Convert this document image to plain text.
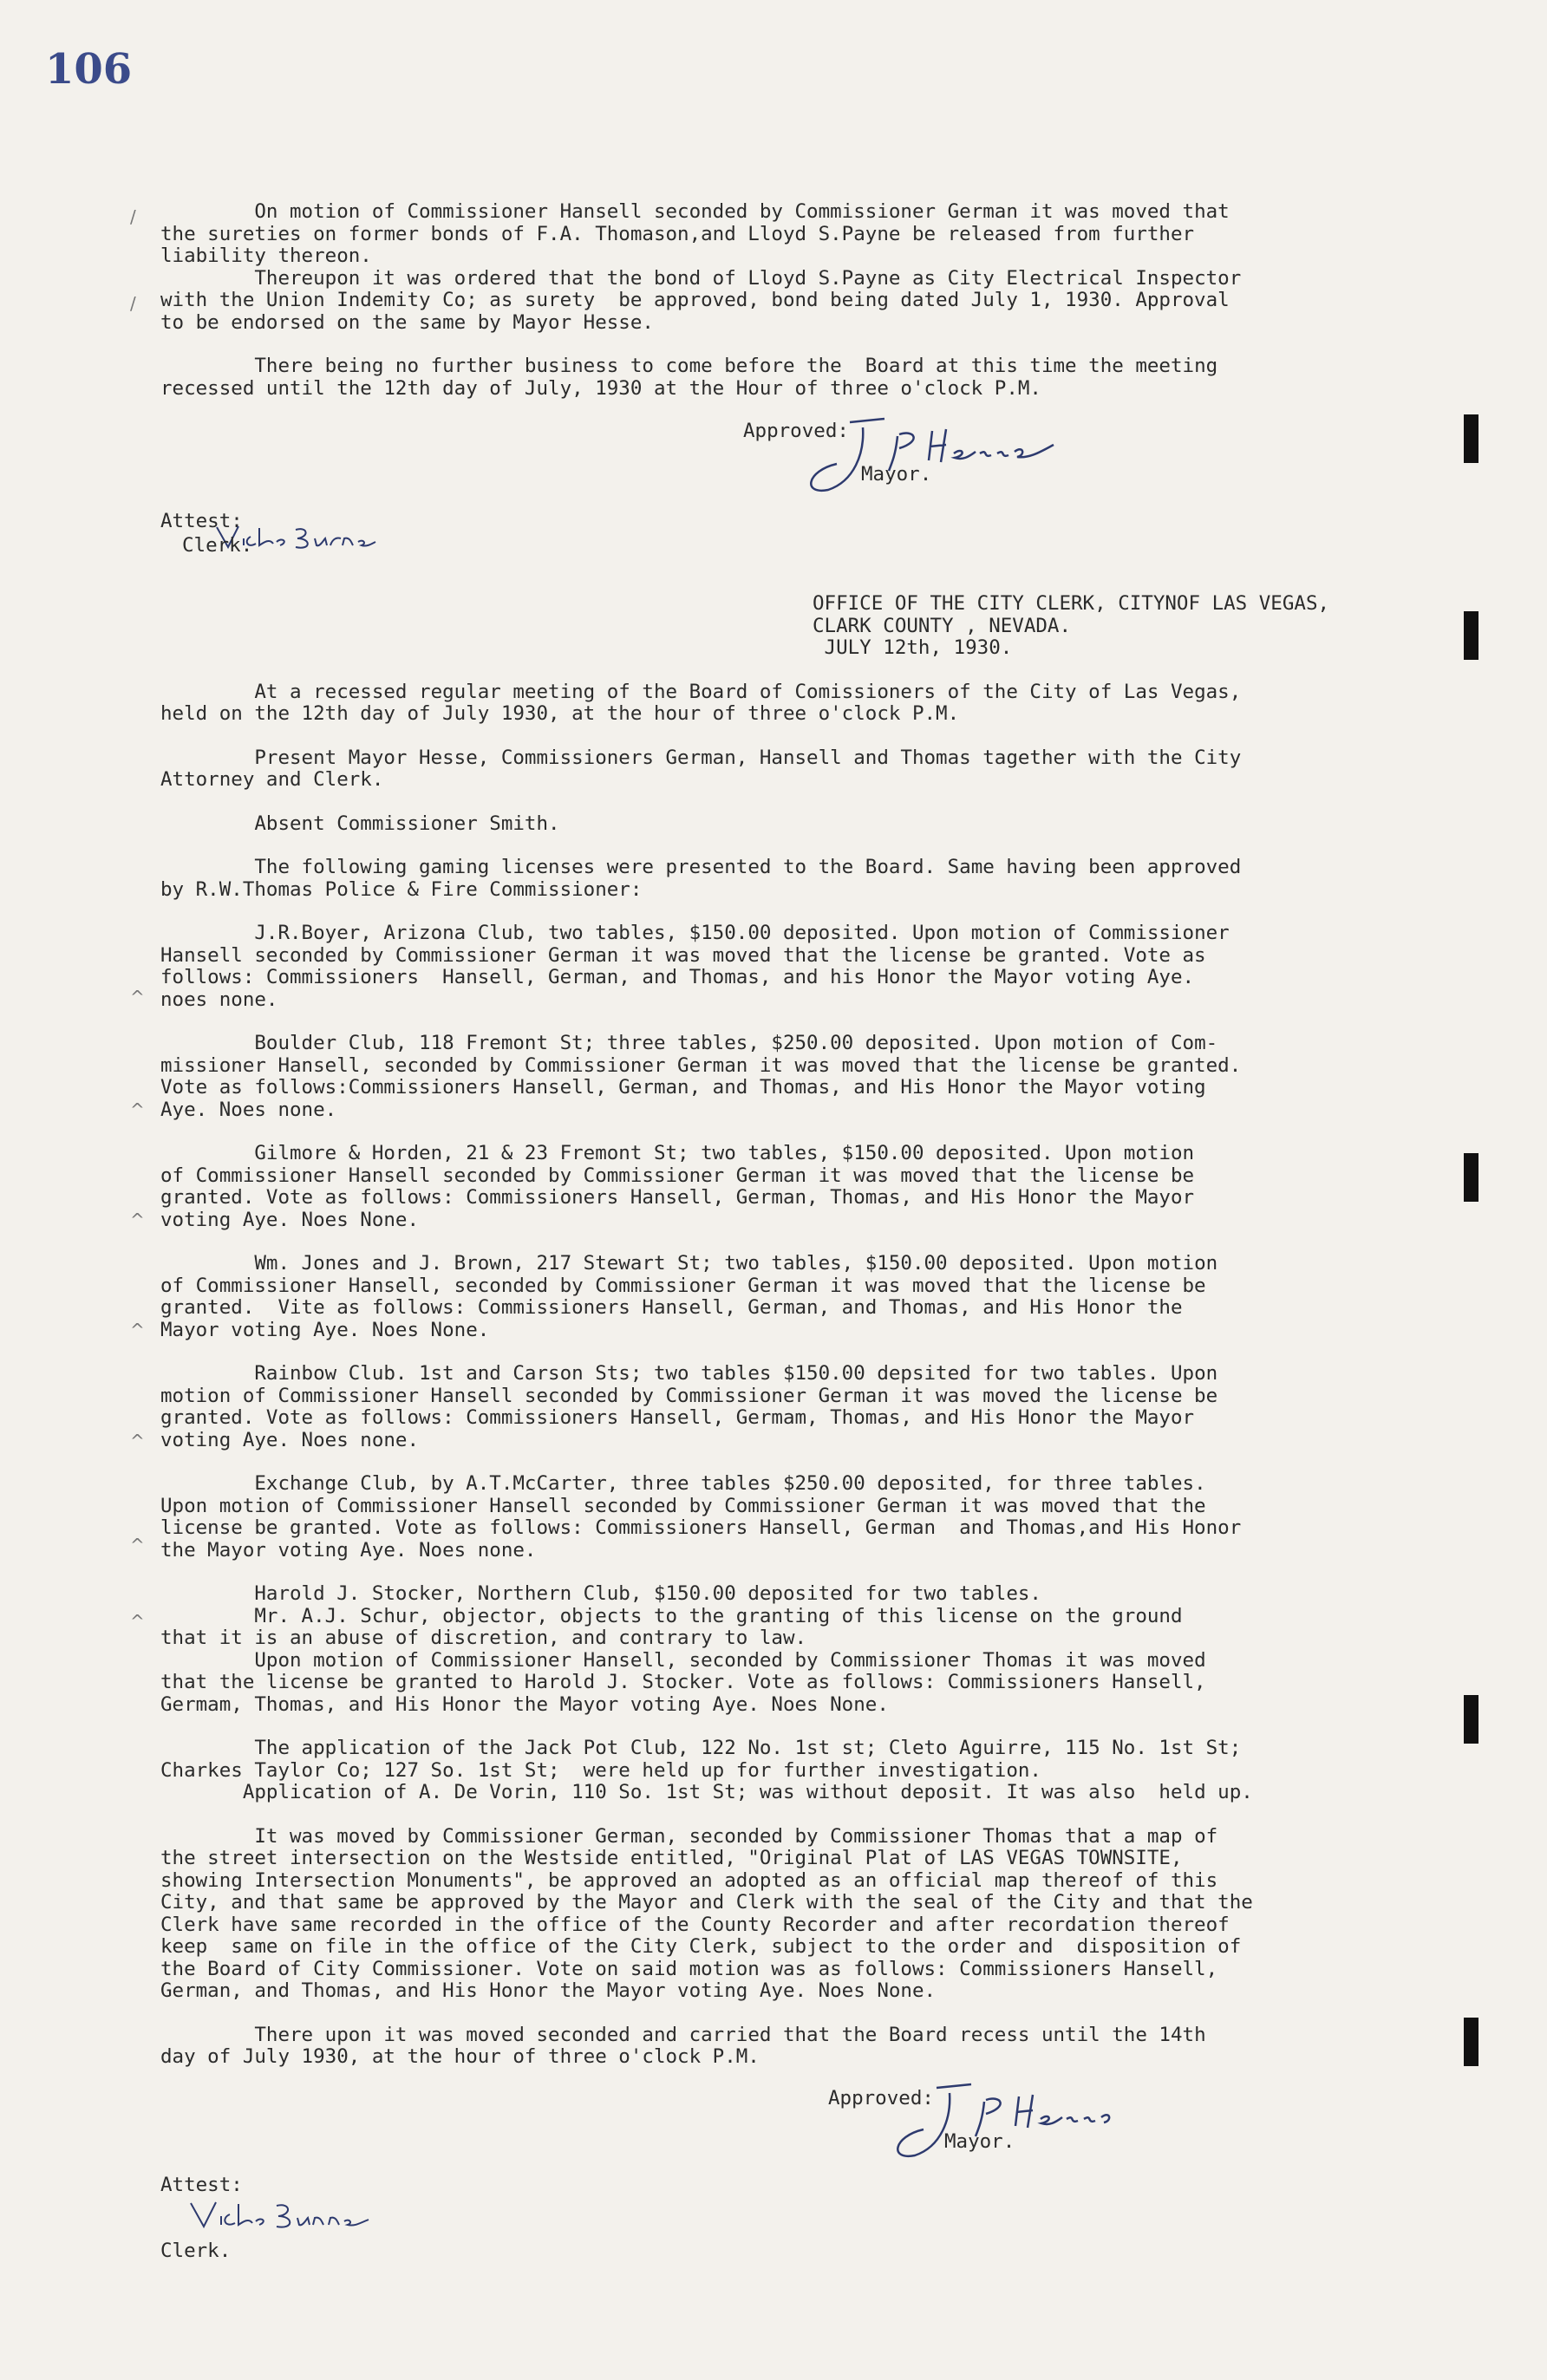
106
/
/
^
^
^
^
^
^
^

On motion of Commissioner Hansell seconded by Commissioner German it was moved that
the sureties on former bonds of F.A. Thomason,and Lloyd S.Payne be released from further
liability thereon.

Thereupon it was ordered that the bond of Lloyd S.Payne as City Electrical Inspector
with the Union Indemity Co; as surety  be approved, bond being dated July 1, 1930. Approval
to be endorsed on the same by Mayor Hesse.

There being no further business to come before the  Board at this time the meeting
recessed until the 12th day of July, 1930 at the Hour of three o'clock P.M.

Approved:
Mayor.
Attest:
Clerk.

OFFICE OF THE CITY CLERK, CITYNOF LAS VEGAS,
CLARK COUNTY , NEVADA.
JULY 12th, 1930.

At a recessed regular meeting of the Board of Comissioners of the City of Las Vegas,
held on the 12th day of July 1930, at the hour of three o'clock P.M.

Present Mayor Hesse, Commissioners German, Hansell and Thomas tagether with the City
Attorney and Clerk.

Absent Commissioner Smith.

The following gaming licenses were presented to the Board. Same having been approved
by R.W.Thomas Police & Fire Commissioner:

J.R.Boyer, Arizona Club, two tables, $150.00 deposited. Upon motion of Commissioner
Hansell seconded by Commissioner German it was moved that the license be granted. Vote as
follows: Commissioners  Hansell, German, and Thomas, and his Honor the Mayor voting Aye.
noes none.

Boulder Club, 118 Fremont St; three tables, $250.00 deposited. Upon motion of Com-
missioner Hansell, seconded by Commissioner German it was moved that the license be granted.
Vote as follows:Commissioners Hansell, German, and Thomas, and His Honor the Mayor voting
Aye. Noes none.

Gilmore & Horden, 21 & 23 Fremont St; two tables, $150.00 deposited. Upon motion
of Commissioner Hansell seconded by Commissioner German it was moved that the license be
granted. Vote as follows: Commissioners Hansell, German, Thomas, and His Honor the Mayor
voting Aye. Noes None.

Wm. Jones and J. Brown, 217 Stewart St; two tables, $150.00 deposited. Upon motion
of Commissioner Hansell, seconded by Commissioner German it was moved that the license be
granted.  Vite as follows: Commissioners Hansell, German, and Thomas, and His Honor the
Mayor voting Aye. Noes None.

Rainbow Club. 1st and Carson Sts; two tables $150.00 depsited for two tables. Upon
motion of Commissioner Hansell seconded by Commissioner German it was moved the license be
granted. Vote as follows: Commissioners Hansell, Germam, Thomas, and His Honor the Mayor
voting Aye. Noes none.

Exchange Club, by A.T.McCarter, three tables $250.00 deposited, for three tables.
Upon motion of Commissioner Hansell seconded by Commissioner German it was moved that the
license be granted. Vote as follows: Commissioners Hansell, German  and Thomas,and His Honor
the Mayor voting Aye. Noes none.

Harold J. Stocker, Northern Club, $150.00 deposited for two tables.
Mr. A.J. Schur, objector, objects to the granting of this license on the ground
that it is an abuse of discretion, and contrary to law.
Upon motion of Commissioner Hansell, seconded by Commissioner Thomas it was moved
that the license be granted to Harold J. Stocker. Vote as follows: Commissioners Hansell,
Germam, Thomas, and His Honor the Mayor voting Aye. Noes None.

The application of the Jack Pot Club, 122 No. 1st st; Cleto Aguirre, 115 No. 1st St;
Charkes Taylor Co; 127 So. 1st St;  were held up for further investigation.
Application of A. De Vorin, 110 So. 1st St; was without deposit. It was also  held up.

It was moved by Commissioner German, seconded by Commissioner Thomas that a map of
the street intersection on the Westside entitled, "Original Plat of LAS VEGAS TOWNSITE,
showing Intersection Monuments", be approved an adopted as an official map thereof of this
City, and that same be approved by the Mayor and Clerk with the seal of the City and that the
Clerk have same recorded in the office of the County Recorder and after recordation thereof
keep  same on file in the office of the City Clerk, subject to the order and  disposition of
the Board of City Commissioner. Vote on said motion was as follows: Commissioners Hansell,
German, and Thomas, and His Honor the Mayor voting Aye. Noes None.

There upon it was moved seconded and carried that the Board recess until the 14th
day of July 1930, at the hour of three o'clock P.M.

Approved:
Mayor.
Attest:
Clerk.
